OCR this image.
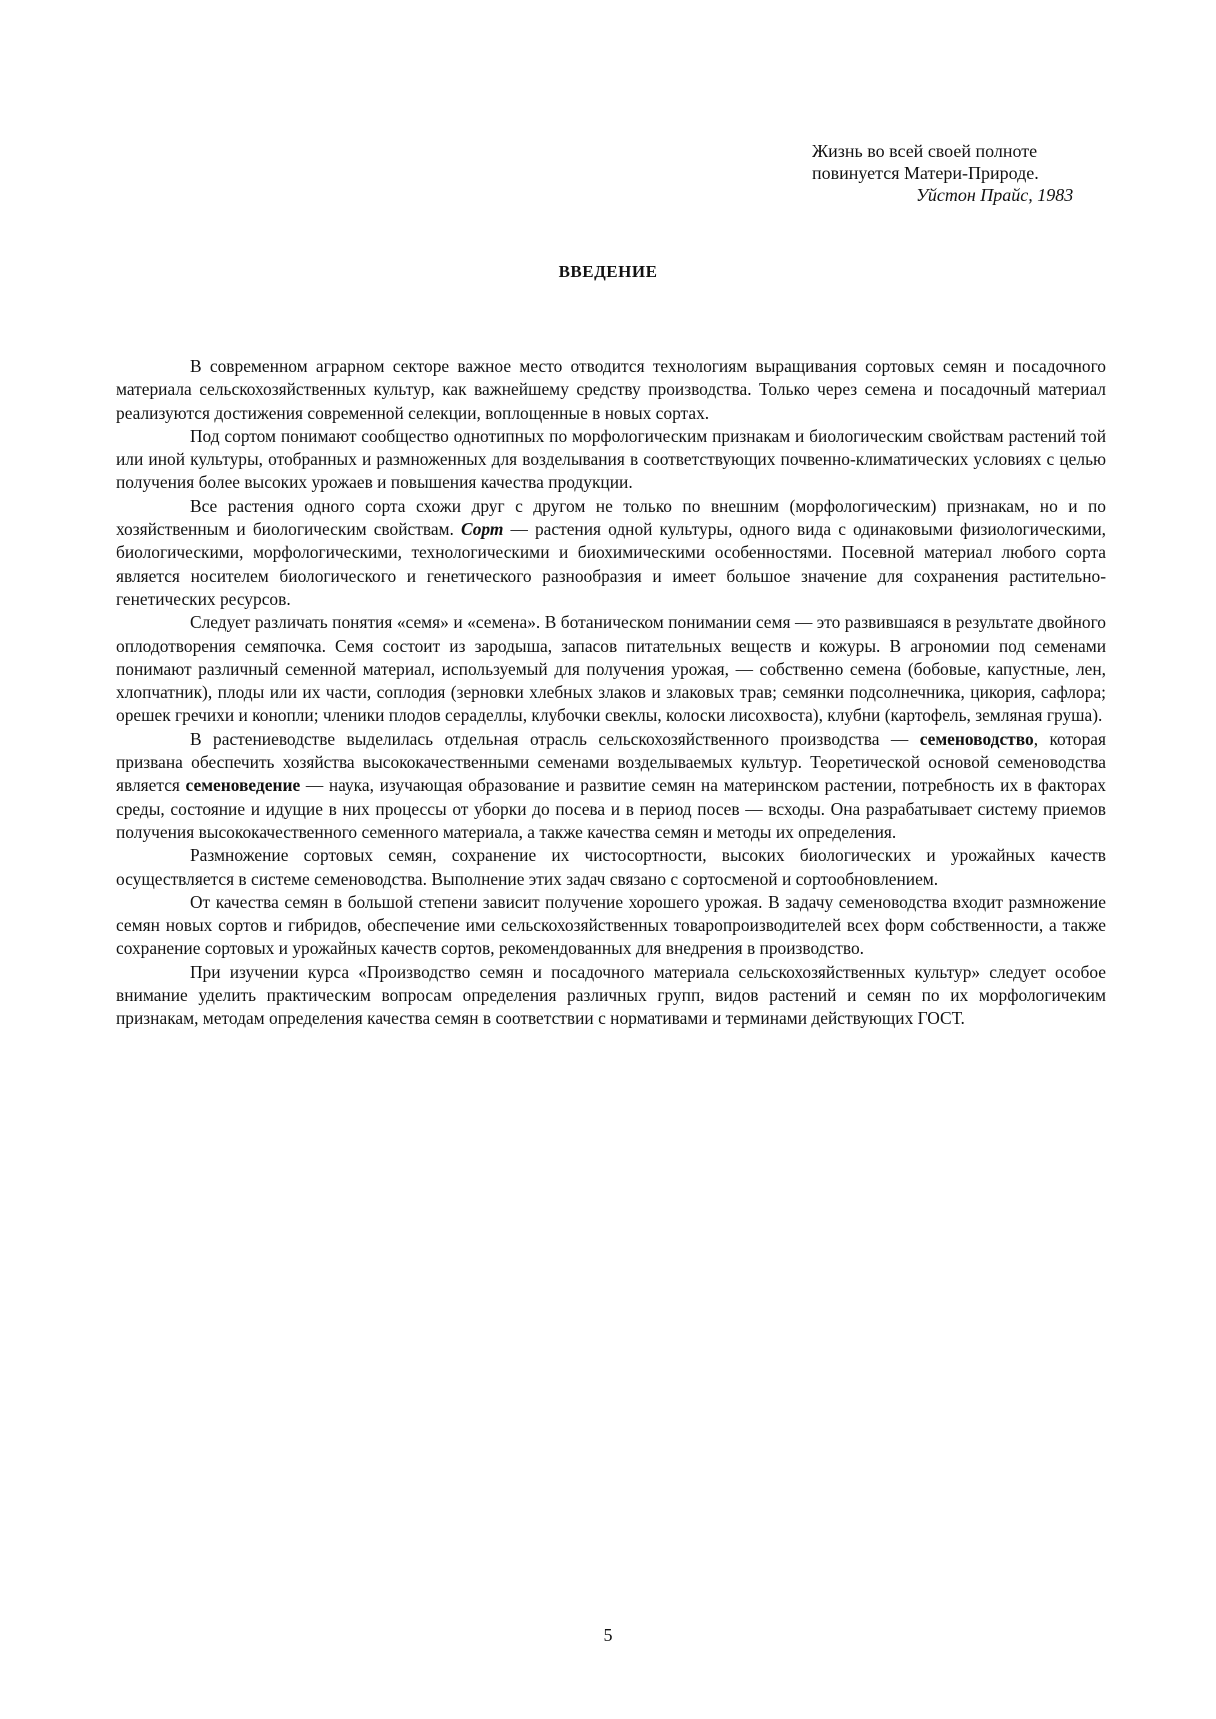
Жизнь во всей своей полноте
повинуется Матери-Природе.
Уйстон Прайс, 1983
ВВЕДЕНИЕ

В современном аграрном секторе важное место отводится технологиям выращивания сортовых семян и посадочного материала сельскохозяйственных культур, как важнейшему средству производства. Только через семена и посадочный материал реализуются достижения современной селекции, воплощенные в новых сортах.

Под сортом понимают сообщество однотипных по морфологическим признакам и биологическим свойствам растений той или иной культуры, отобранных и размноженных для возделывания в соответствующих почвенно-климатических условиях с целью получения более высоких урожаев и повышения качества продукции.

Все растения одного сорта схожи друг с другом не только по внешним (морфологическим) признакам, но и по хозяйственным и биологическим свойствам. Сорт — растения одной культуры, одного вида с одинаковыми физиологическими, биологическими, морфологическими, технологическими и биохимическими особенностями. Посевной материал любого сорта является носителем биологического и генетического разнообразия и имеет большое значение для сохранения растительно-генетических ресурсов.

Следует различать понятия «семя» и «семена». В ботаническом понимании семя — это развившаяся в результате двойного оплодотворения семяпочка. Семя состоит из зародыша, запасов питательных веществ и кожуры. В агрономии под семенами понимают различный семенной материал, используемый для получения урожая, — собственно семена (бобовые, капустные, лен, хлопчатник), плоды или их части, соплодия (зерновки хлебных злаков и злаковых трав; семянки подсолнечника, цикория, сафлора; орешек гречихи и конопли; членики плодов сераделлы, клубочки свеклы, колоски лисохвоста), клубни (картофель, земляная груша).

В растениеводстве выделилась отдельная отрасль сельскохозяйственного производства — семеноводство, которая призвана обеспечить хозяйства высококачественными семенами возделываемых культур. Теоретической основой семеноводства является семеноведение — наука, изучающая образование и развитие семян на материнском растении, потребность их в факторах среды, состояние и идущие в них процессы от уборки до посева и в период посев — всходы. Она разрабатывает систему приемов получения высококачественного семенного материала, а также качества семян и методы их определения.

Размножение сортовых семян, сохранение их чистосортности, высоких биологических и урожайных качеств осуществляется в системе семеноводства. Выполнение этих задач связано с сортосменой и сортообновлением.

От качества семян в большой степени зависит получение хорошего урожая. В задачу семеноводства входит размножение семян новых сортов и гибридов, обеспечение ими сельскохозяйственных товаропроизводителей всех форм собственности, а также сохранение сортовых и урожайных качеств сортов, рекомендованных для внедрения в производство.

При изучении курса «Производство семян и посадочного материала сельскохозяйственных культур» следует особое внимание уделить практическим вопросам определения различных групп, видов растений и семян по их морфологичеким признакам, методам определения качества семян в соответствии с нормативами и терминами действующих ГОСТ.

5
